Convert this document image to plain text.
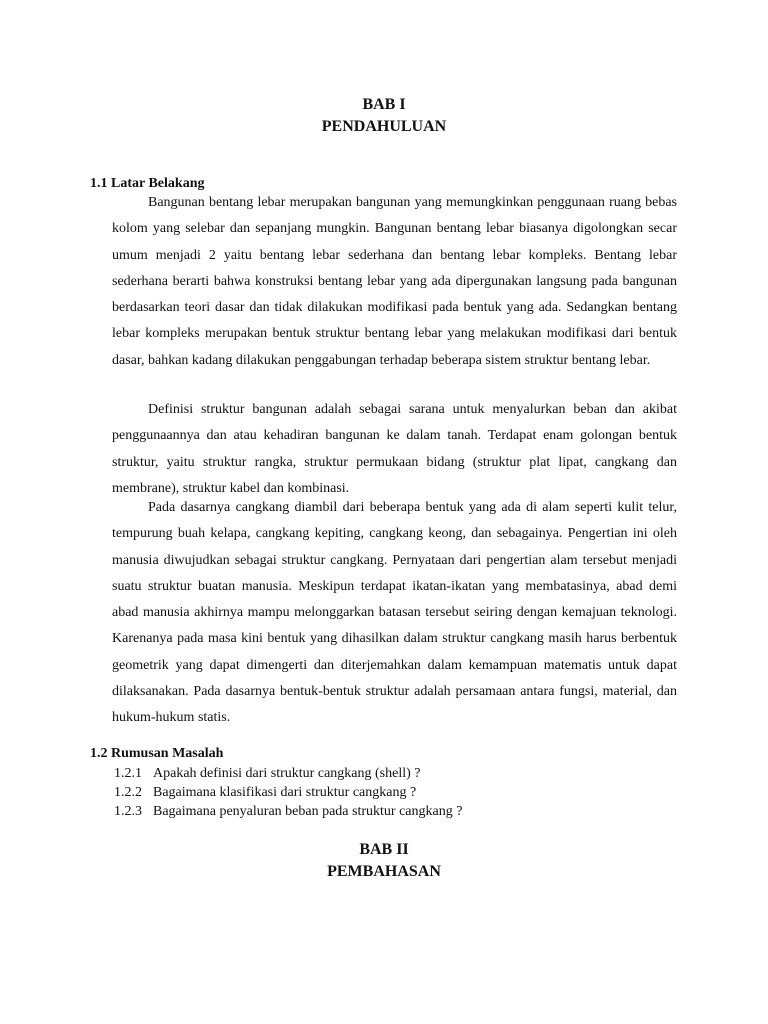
BAB I
PENDAHULUAN
1.1 Latar Belakang

Bangunan bentang lebar merupakan bangunan yang memungkinkan penggunaan ruang bebas kolom yang selebar dan sepanjang mungkin. Bangunan bentang lebar biasanya digolongkan secar umum menjadi 2 yaitu bentang lebar sederhana dan bentang lebar kompleks. Bentang lebar sederhana berarti bahwa konstruksi bentang lebar yang ada dipergunakan langsung pada bangunan berdasarkan teori dasar dan tidak dilakukan modifikasi pada bentuk yang ada. Sedangkan bentang lebar kompleks merupakan bentuk struktur bentang lebar yang melakukan modifikasi dari bentuk dasar, bahkan kadang dilakukan penggabungan terhadap beberapa sistem struktur bentang lebar.

Definisi struktur bangunan adalah sebagai sarana untuk menyalurkan beban dan akibat penggunaannya dan atau kehadiran bangunan ke dalam tanah. Terdapat enam golongan bentuk struktur, yaitu struktur rangka, struktur permukaan bidang (struktur plat lipat, cangkang dan membrane), struktur kabel dan kombinasi.

Pada dasarnya cangkang diambil dari beberapa bentuk yang ada di alam seperti kulit telur, tempurung buah kelapa, cangkang kepiting, cangkang keong, dan sebagainya. Pengertian ini oleh manusia diwujudkan sebagai struktur cangkang. Pernyataan dari pengertian alam tersebut menjadi suatu struktur buatan manusia. Meskipun terdapat ikatan-ikatan yang membatasinya, abad demi abad manusia akhirnya mampu melonggarkan batasan tersebut seiring dengan kemajuan teknologi. Karenanya pada masa kini bentuk yang dihasilkan dalam struktur cangkang masih harus berbentuk geometrik yang dapat dimengerti dan diterjemahkan dalam kemampuan matematis untuk dapat dilaksanakan. Pada dasarnya bentuk-bentuk struktur adalah persamaan antara fungsi, material, dan hukum-hukum statis.

1.2 Rumusan Masalah
1.2.1 Apakah definisi dari struktur cangkang (shell) ?
1.2.2 Bagaimana klasifikasi dari struktur cangkang ?
1.2.3 Bagaimana penyaluran beban pada struktur cangkang ?
BAB II
PEMBAHASAN
